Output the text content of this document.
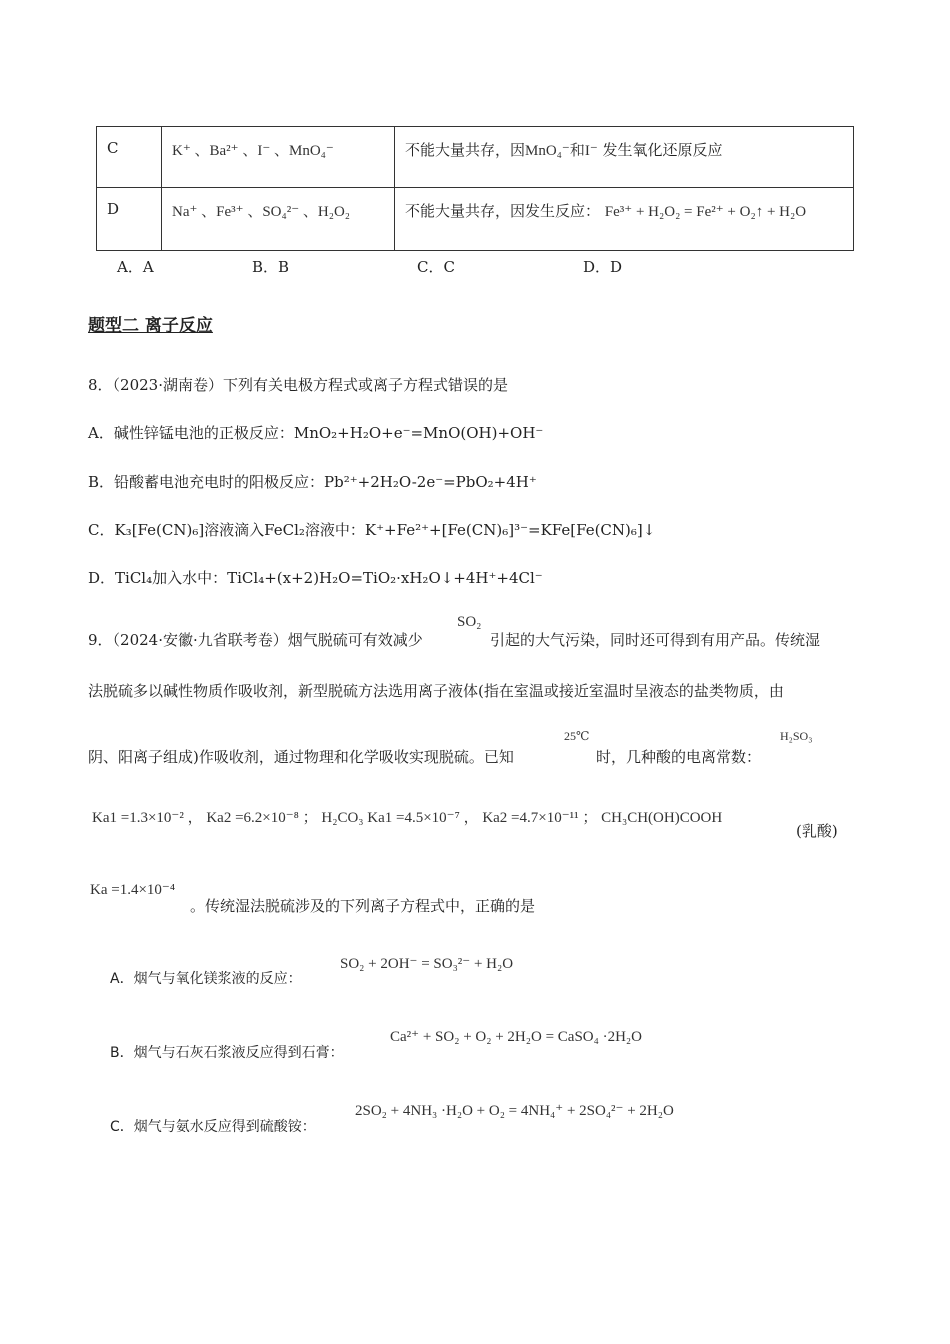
C	K⁺ 、Ba²⁺ 、I⁻ 、MnO₄⁻	不能大量共存，因MnO₄⁻和I⁻ 发生氧化还原反应
D	Na⁺ 、Fe³⁺ 、SO₄²⁻ 、H₂O₂	不能大量共存，因发生反应： Fe³⁺ + H₂O₂ = Fe²⁺ + O₂↑ + H₂O
A．A	B．B	C．C	D．D
题型二 离子反应
8．（2023·湖南卷）下列有关电极方程式或离子方程式错误的是
A．碱性锌锰电池的正极反应：MnO₂+H₂O+e⁻=MnO(OH)+OH⁻
B．铅酸蓄电池充电时的阳极反应：Pb²⁺+2H₂O-2e⁻=PbO₂+4H⁺
C．K₃[Fe(CN)₆]溶液滴入FeCl₂溶液中：K⁺+Fe²⁺+[Fe(CN)₆]³⁻=KFe[Fe(CN)₆]↓
D．TiCl₄加入水中：TiCl₄+(x+2)H₂O=TiO₂·xH₂O↓+4H⁺+4Cl⁻
9．（2024·安徽·九省联考卷）烟气脱硫可有效减少
SO₂
引起的大气污染，同时还可得到有用产品。传统湿
法脱硫多以碱性物质作吸收剂，新型脱硫方法选用离子液体(指在室温或接近室温时呈液态的盐类物质，由
阴、阳离子组成)作吸收剂，通过物理和化学吸收实现脱硫。已知
25℃
时，几种酸的电离常数：
H₂SO₃
Ka1 =1.3×10⁻² ， Ka2 =6.2×10⁻⁸ ； H₂CO₃ Ka1 =4.5×10⁻⁷ ， Ka2 =4.7×10⁻¹¹ ； CH₃CH(OH)COOH
(乳酸)
Ka =1.4×10⁻⁴
。传统湿法脱硫涉及的下列离子方程式中，正确的是
A．烟气与氧化镁浆液的反应：
SO₂ + 2OH⁻ = SO₃²⁻ + H₂O
B．烟气与石灰石浆液反应得到石膏：
Ca²⁺ + SO₂ + O₂ + 2H₂O = CaSO₄ ·2H₂O
C．烟气与氨水反应得到硫酸铵：
2SO₂ + 4NH₃ ·H₂O + O₂ = 4NH₄⁺ + 2SO₄²⁻ + 2H₂O
